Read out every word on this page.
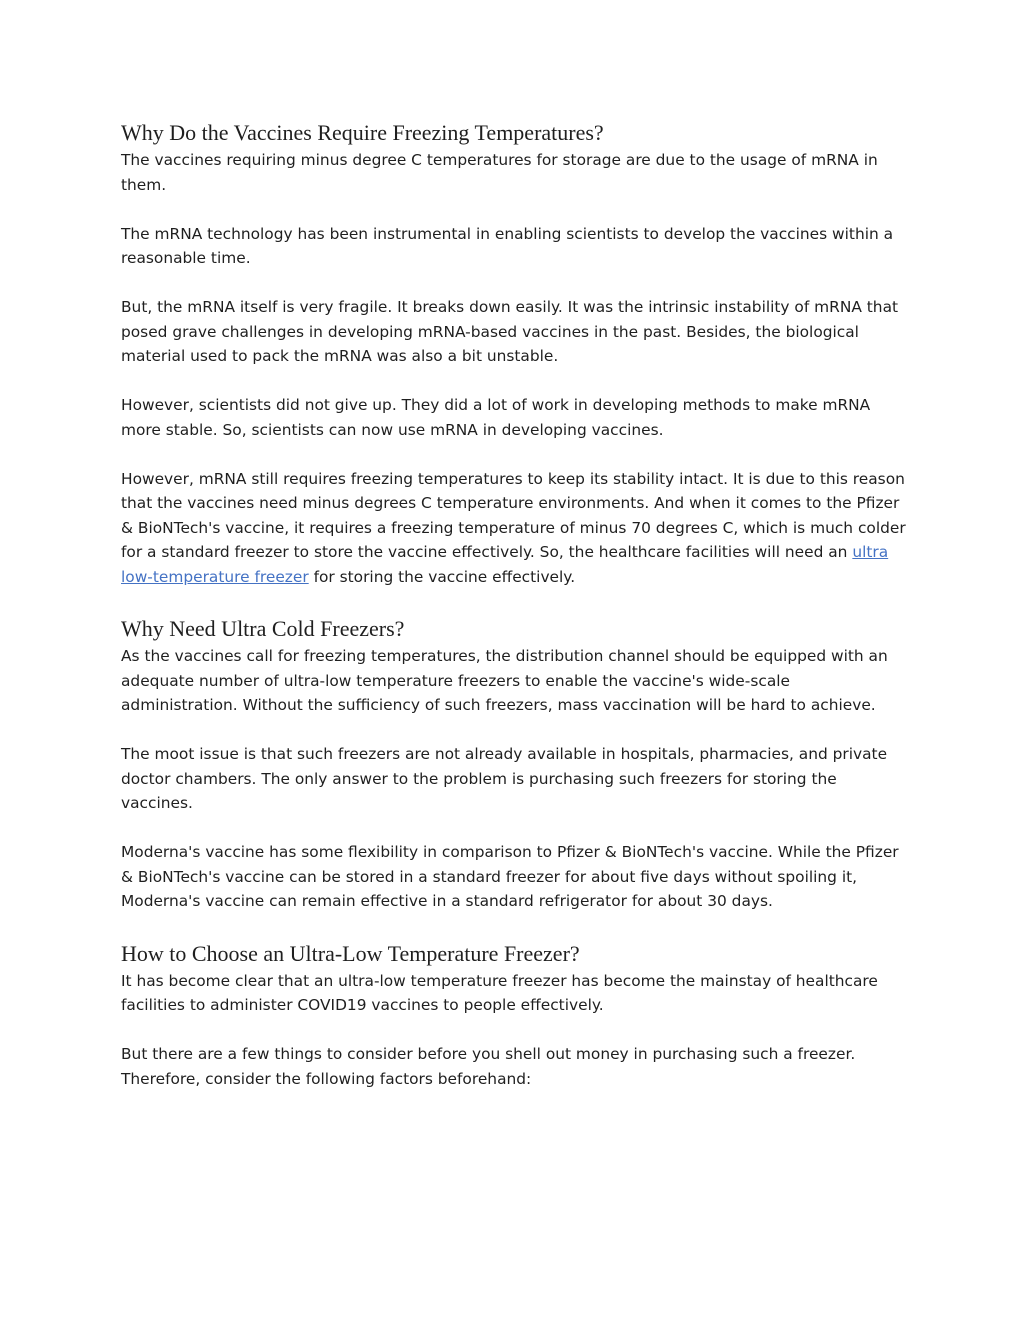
Why Do the Vaccines Require Freezing Temperatures?

The vaccines requiring minus degree C temperatures for storage are due to the usage of mRNA in them.

The mRNA technology has been instrumental in enabling scientists to develop the vaccines within a reasonable time.

But, the mRNA itself is very fragile. It breaks down easily. It was the intrinsic instability of mRNA that posed grave challenges in developing mRNA-based vaccines in the past. Besides, the biological material used to pack the mRNA was also a bit unstable.

However, scientists did not give up. They did a lot of work in developing methods to make mRNA more stable. So, scientists can now use mRNA in developing vaccines.

However, mRNA still requires freezing temperatures to keep its stability intact. It is due to this reason that the vaccines need minus degrees C temperature environments. And when it comes to the Pfizer & BioNTech's vaccine, it requires a freezing temperature of minus 70 degrees C, which is much colder for a standard freezer to store the vaccine effectively. So, the healthcare facilities will need an ultra low-temperature freezer for storing the vaccine effectively.

Why Need Ultra Cold Freezers?

As the vaccines call for freezing temperatures, the distribution channel should be equipped with an adequate number of ultra-low temperature freezers to enable the vaccine's wide-scale administration. Without the sufficiency of such freezers, mass vaccination will be hard to achieve.

The moot issue is that such freezers are not already available in hospitals, pharmacies, and private doctor chambers. The only answer to the problem is purchasing such freezers for storing the vaccines.

Moderna's vaccine has some flexibility in comparison to Pfizer & BioNTech's vaccine. While the Pfizer & BioNTech's vaccine can be stored in a standard freezer for about five days without spoiling it, Moderna's vaccine can remain effective in a standard refrigerator for about 30 days.

How to Choose an Ultra-Low Temperature Freezer?

It has become clear that an ultra-low temperature freezer has become the mainstay of healthcare facilities to administer COVID19 vaccines to people effectively.

But there are a few things to consider before you shell out money in purchasing such a freezer. Therefore, consider the following factors beforehand:
